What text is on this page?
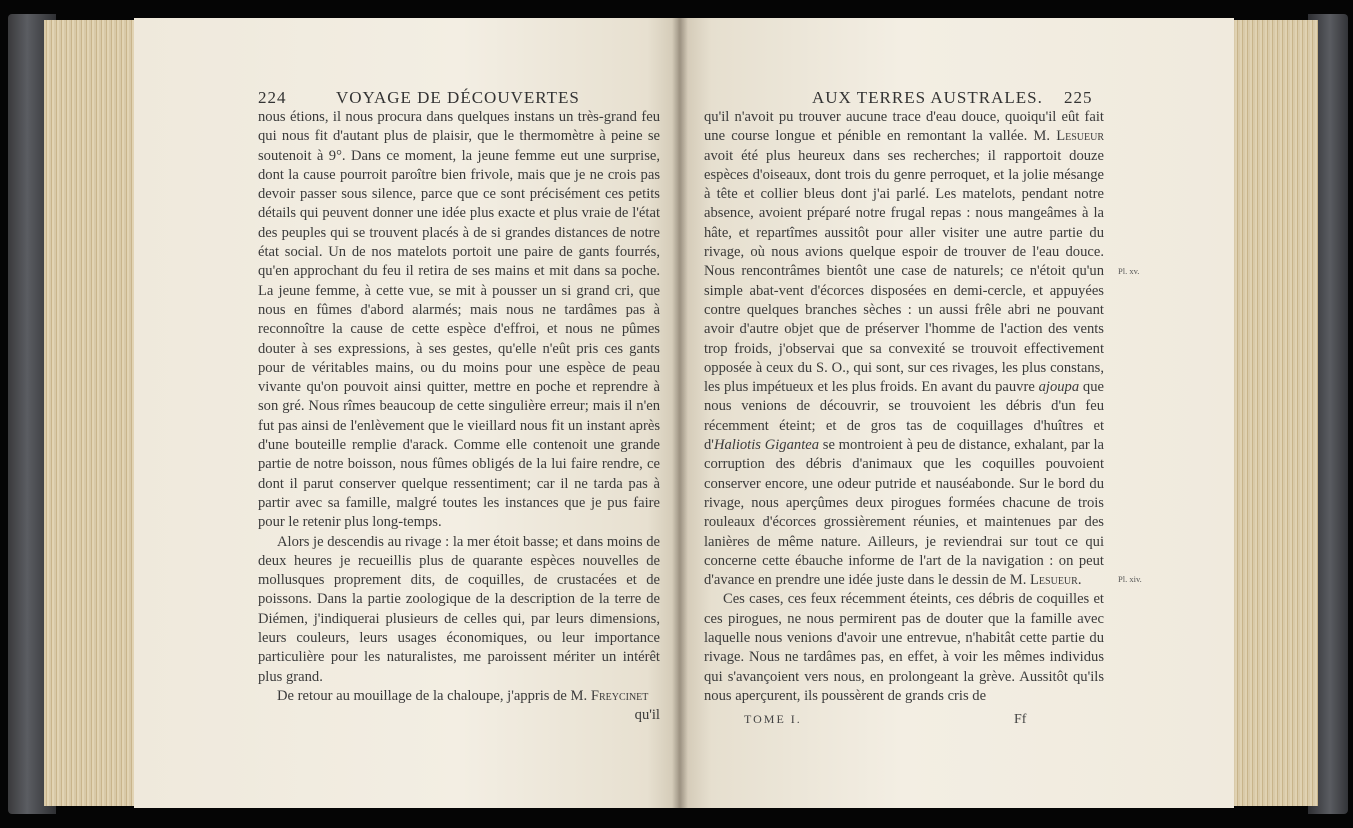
224	VOYAGE DE DÉCOUVERTES

nous étions, il nous procura dans quelques instans un très-grand feu qui nous fit d'autant plus de plaisir, que le thermomètre à peine se soutenoit à 9°. Dans ce moment, la jeune femme eut une surprise, dont la cause pourroit paroître bien frivole, mais que je ne crois pas devoir passer sous silence, parce que ce sont précisément ces petits détails qui peuvent donner une idée plus exacte et plus vraie de l'état des peuples qui se trouvent placés à de si grandes distances de notre état social. Un de nos matelots portoit une paire de gants fourrés, qu'en approchant du feu il retira de ses mains et mit dans sa poche. La jeune femme, à cette vue, se mit à pousser un si grand cri, que nous en fûmes d'abord alarmés; mais nous ne tardâmes pas à reconnoître la cause de cette espèce d'effroi, et nous ne pûmes douter à ses expressions, à ses gestes, qu'elle n'eût pris ces gants pour de véritables mains, ou du moins pour une espèce de peau vivante qu'on pouvoit ainsi quitter, mettre en poche et reprendre à son gré. Nous rîmes beaucoup de cette singulière erreur; mais il n'en fut pas ainsi de l'enlèvement que le vieillard nous fit un instant après d'une bouteille remplie d'arack. Comme elle contenoit une grande partie de notre boisson, nous fûmes obligés de la lui faire rendre, ce dont il parut conserver quelque ressentiment; car il ne tarda pas à partir avec sa famille, malgré toutes les instances que je pus faire pour le retenir plus long-temps.

Alors je descendis au rivage : la mer étoit basse; et dans moins de deux heures je recueillis plus de quarante espèces nouvelles de mollusques proprement dits, de coquilles, de crustacées et de poissons. Dans la partie zoologique de la description de la terre de Diémen, j'indiquerai plusieurs de celles qui, par leurs dimensions, leurs couleurs, leurs usages économiques, ou leur importance particulière pour les naturalistes, me paroissent mériter un intérêt plus grand.

De retour au mouillage de la chaloupe, j'appris de M. Freycinet

qu'il
AUX TERRES AUSTRALES. 225

qu'il n'avoit pu trouver aucune trace d'eau douce, quoiqu'il eût fait une course longue et pénible en remontant la vallée. M. Lesueur avoit été plus heureux dans ses recherches; il rapportoit douze espèces d'oiseaux, dont trois du genre perroquet, et la jolie mésange à tête et collier bleus dont j'ai parlé. Les matelots, pendant notre absence, avoient préparé notre frugal repas : nous mangeâmes à la hâte, et repartîmes aussitôt pour aller visiter une autre partie du rivage, où nous avions quelque espoir de trouver de l'eau douce. Nous rencontrâmes bientôt une case de naturels; ce n'étoit qu'un simple abat-vent d'écorces disposées en demi-cercle, et appuyées contre quelques branches sèches : un aussi frêle abri ne pouvant avoir d'autre objet que de préserver l'homme de l'action des vents trop froids, j'observai que sa convexité se trouvoit effectivement opposée à ceux du S. O., qui sont, sur ces rivages, les plus constans, les plus impétueux et les plus froids. En avant du pauvre ajoupa que nous venions de découvrir, se trouvoient les débris d'un feu récemment éteint; et de gros tas de coquillages d'huîtres et d'Haliotis Gigantea se montroient à peu de distance, exhalant, par la corruption des débris d'animaux que les coquilles pouvoient conserver encore, une odeur putride et nauséabonde. Sur le bord du rivage, nous aperçûmes deux pirogues formées chacune de trois rouleaux d'écorces grossièrement réunies, et maintenues par des lanières de même nature. Ailleurs, je reviendrai sur tout ce qui concerne cette ébauche informe de l'art de la navigation : on peut d'avance en prendre une idée juste dans le dessin de M. Lesueur.

Ces cases, ces feux récemment éteints, ces débris de coquilles et ces pirogues, ne nous permirent pas de douter que la famille avec laquelle nous venions d'avoir une entrevue, n'habitât cette partie du rivage. Nous ne tardâmes pas, en effet, à voir les mêmes individus qui s'avançoient vers nous, en prolongeant la grève. Aussitôt qu'ils nous aperçurent, ils poussèrent de grands cris de

Pl. xv.
Pl. xiv.
TOME I.	Ff
